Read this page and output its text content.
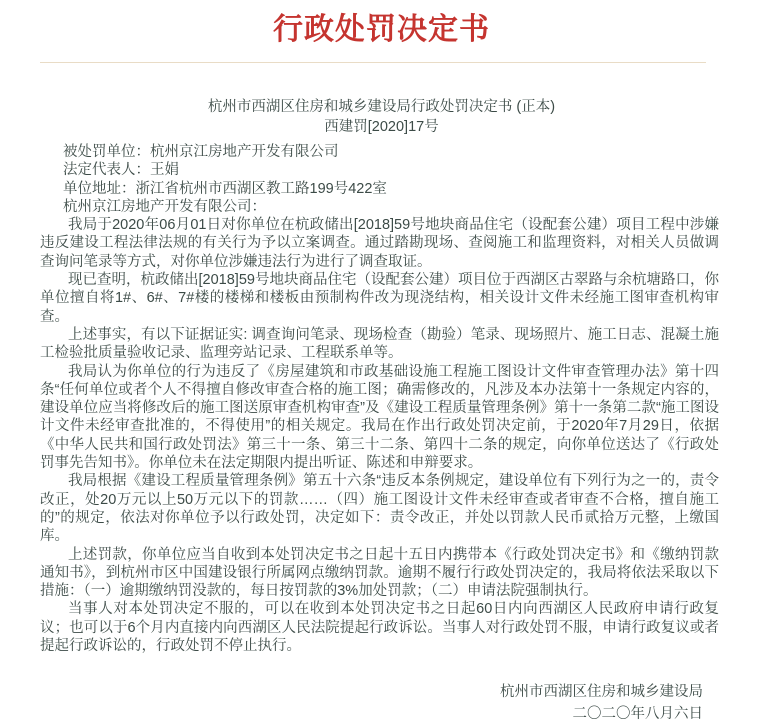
行政处罚决定书
杭州市西湖区住房和城乡建设局行政处罚决定书 (正本)
西建罚[2020]17号

被处罚单位：杭州京江房地产开发有限公司

法定代表人：王娟

单位地址：浙江省杭州市西湖区教工路199号422室

杭州京江房地产开发有限公司：

我局于2020年06月01日对你单位在杭政储出[2018]59号地块商品住宅（设配套公建）项目工程中涉嫌违反建设工程法律法规的有关行为予以立案调查。通过踏勘现场、查阅施工和监理资料，对相关人员做调查询问笔录等方式，对你单位涉嫌违法行为进行了调查取证。

现已查明，杭政储出[2018]59号地块商品住宅（设配套公建）项目位于西湖区古翠路与余杭塘路口，你单位擅自将1#、6#、7#楼的楼梯和楼板由预制构件改为现浇结构，相关设计文件未经施工图审查机构审查。

上述事实，有以下证据证实: 调查询问笔录、现场检查（勘验）笔录、现场照片、施工日志、混凝土施工检验批质量验收记录、监理旁站记录、工程联系单等。

我局认为你单位的行为违反了《房屋建筑和市政基础设施工程施工图设计文件审查管理办法》第十四条“任何单位或者个人不得擅自修改审查合格的施工图；确需修改的，凡涉及本办法第十一条规定内容的，建设单位应当将修改后的施工图送原审查机构审查”及《建设工程质量管理条例》第十一条第二款“施工图设计文件未经审查批准的，不得使用”的相关规定。我局在作出行政处罚决定前，于2020年7月29日，依据《中华人民共和国行政处罚法》第三十一条、第三十二条、第四十二条的规定，向你单位送达了《行政处罚事先告知书》。你单位未在法定期限内提出听证、陈述和申辩要求。

我局根据《建设工程质量管理条例》第五十六条“违反本条例规定，建设单位有下列行为之一的，责令改正，处20万元以上50万元以下的罚款……（四）施工图设计文件未经审查或者审查不合格，擅自施工的”的规定，依法对你单位予以行政处罚，决定如下：责令改正，并处以罚款人民币贰拾万元整，上缴国库。

上述罚款，你单位应当自收到本处罚决定书之日起十五日内携带本《行政处罚决定书》和《缴纳罚款通知书》，到杭州市区中国建设银行所属网点缴纳罚款。逾期不履行行政处罚决定的，我局将依法采取以下措施：（一）逾期缴纳罚没款的，每日按罚款的3%加处罚款；（二）申请法院强制执行。

当事人对本处罚决定不服的，可以在收到本处罚决定书之日起60日内向西湖区人民政府申请行政复议；也可以于6个月内直接内向西湖区人民法院提起行政诉讼。当事人对行政处罚不服，申请行政复议或者提起行政诉讼的，行政处罚不停止执行。

杭州市西湖区住房和城乡建设局
二〇二〇年八月六日
